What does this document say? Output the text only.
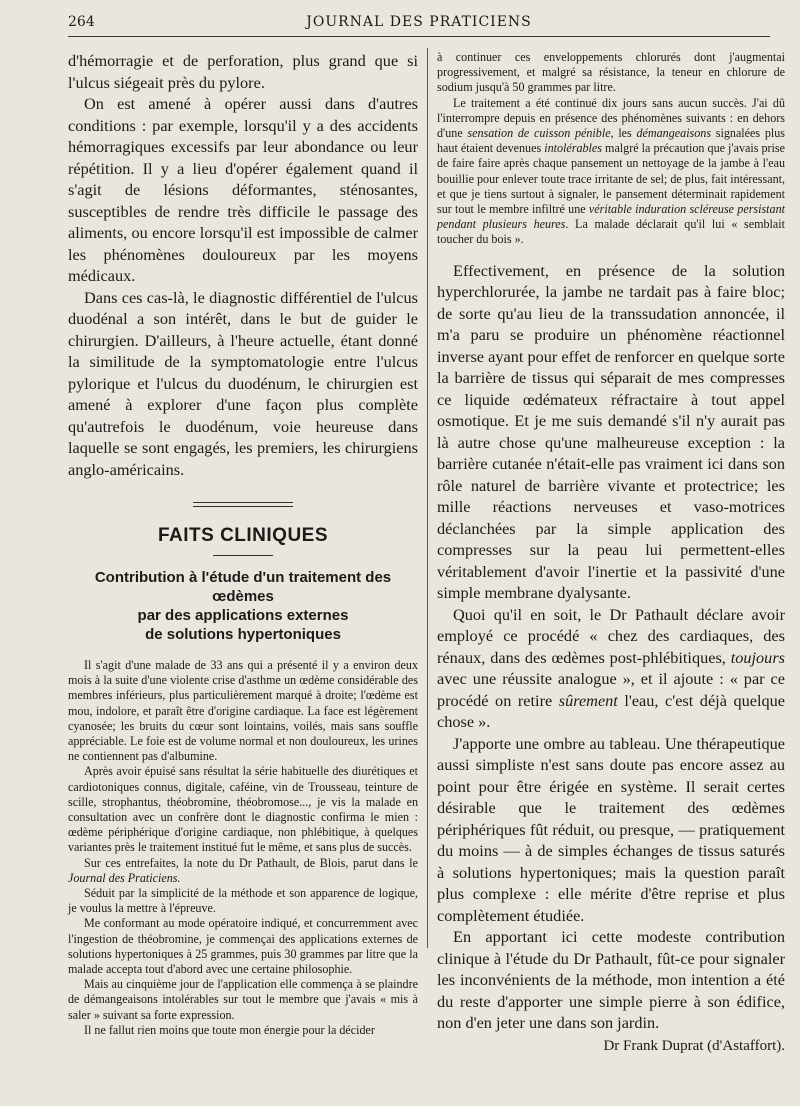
264	JOURNAL DES PRATICIENS

d'hémorragie et de perforation, plus grand que si l'ulcus siégeait près du pylore.

On est amené à opérer aussi dans d'autres conditions : par exemple, lorsqu'il y a des accidents hémorragiques excessifs par leur abondance ou leur répétition. Il y a lieu d'opérer également quand il s'agit de lésions déformantes, sténosantes, susceptibles de rendre très difficile le passage des aliments, ou encore lorsqu'il est impossible de calmer les phénomènes douloureux par les moyens médicaux.

Dans ces cas-là, le diagnostic différentiel de l'ulcus duodénal a son intérêt, dans le but de guider le chirurgien. D'ailleurs, à l'heure actuelle, étant donné la similitude de la symptomatologie entre l'ulcus pylorique et l'ulcus du duodénum, le chirurgien est amené à explorer d'une façon plus complète qu'autrefois le duodénum, voie heureuse dans laquelle se sont engagés, les premiers, les chirurgiens anglo-américains.

FAITS CLINIQUES
Contribution à l'étude d'un traitement des œdèmes
par des applications externes
de solutions hypertoniques

Il s'agit d'une malade de 33 ans qui a présenté il y a environ deux mois à la suite d'une violente crise d'asthme un œdème considérable des membres inférieurs, plus particulièrement marqué à droite; l'œdème est mou, indolore, et paraît être d'origine cardiaque. La face est légèrement cyanosée; les bruits du cœur sont lointains, voilés, mais sans souffle appréciable. Le foie est de volume normal et non douloureux, les urines ne contiennent pas d'albumine.

Après avoir épuisé sans résultat la série habituelle des diurétiques et cardiotoniques connus, digitale, caféine, vin de Trousseau, teinture de scille, strophantus, théobromine, théobromose..., je vis la malade en consultation avec un confrère dont le diagnostic confirma le mien : œdème périphérique d'origine cardiaque, non phlébitique, à quelques variantes près le traitement institué fut le même, et sans plus de succès.

Sur ces entrefaites, la note du Dr Pathault, de Blois, parut dans le Journal des Praticiens.

Séduit par la simplicité de la méthode et son apparence de logique, je voulus la mettre à l'épreuve.

Me conformant au mode opératoire indiqué, et concurremment avec l'ingestion de théobromine, je commençai des applications externes de solutions hypertoniques à 25 grammes, puis 30 grammes par litre que la malade accepta tout d'abord avec une certaine philosophie.

Mais au cinquième jour de l'application elle commença à se plaindre de démangeaisons intolérables sur tout le membre que j'avais « mis à saler » suivant sa forte expression.

Il ne fallut rien moins que toute mon énergie pour la décider

à continuer ces enveloppements chlorurés dont j'augmentai progressivement, et malgré sa résistance, la teneur en chlorure de sodium jusqu'à 50 grammes par litre.

Le traitement a été continué dix jours sans aucun succès. J'ai dû l'interrompre depuis en présence des phénomènes suivants : en dehors d'une sensation de cuisson pénible, les démangeaisons signalées plus haut étaient devenues intolérables malgré la précaution que j'avais prise de faire faire après chaque pansement un nettoyage de la jambe à l'eau bouillie pour enlever toute trace irritante de sel; de plus, fait intéressant, et que je tiens surtout à signaler, le pansement déterminait rapidement sur tout le membre infiltré une véritable induration scléreuse persistant pendant plusieurs heures. La malade déclarait qu'il lui « semblait toucher du bois ».

Effectivement, en présence de la solution hyperchlorurée, la jambe ne tardait pas à faire bloc; de sorte qu'au lieu de la transsudation annoncée, il m'a paru se produire un phénomène réactionnel inverse ayant pour effet de renforcer en quelque sorte la barrière de tissus qui séparait de mes compresses ce liquide œdémateux réfractaire à tout appel osmotique. Et je me suis demandé s'il n'y aurait pas là autre chose qu'une malheureuse exception : la barrière cutanée n'était-elle pas vraiment ici dans son rôle naturel de barrière vivante et protectrice; les mille réactions nerveuses et vaso-motrices déclanchées par la simple application des compresses sur la peau lui permettent-elles véritablement d'avoir l'inertie et la passivité d'une simple membrane dyalysante.

Quoi qu'il en soit, le Dr Pathault déclare avoir employé ce procédé « chez des cardiaques, des rénaux, dans des œdèmes post-phlébitiques, toujours avec une réussite analogue », et il ajoute : « par ce procédé on retire sûrement l'eau, c'est déjà quelque chose ».

J'apporte une ombre au tableau. Une thérapeutique aussi simpliste n'est sans doute pas encore assez au point pour être érigée en système. Il serait certes désirable que le traitement des œdèmes périphériques fût réduit, ou presque, — pratiquement du moins — à de simples échanges de tissus saturés à solutions hypertoniques; mais la question paraît plus complexe : elle mérite d'être reprise et plus complètement étudiée.

En apportant ici cette modeste contribution clinique à l'étude du Dr Pathault, fût-ce pour signaler les inconvénients de la méthode, mon intention a été du reste d'apporter une simple pierre à son édifice, non d'en jeter une dans son jardin.

Dr Frank Duprat (d'Astaffort).
